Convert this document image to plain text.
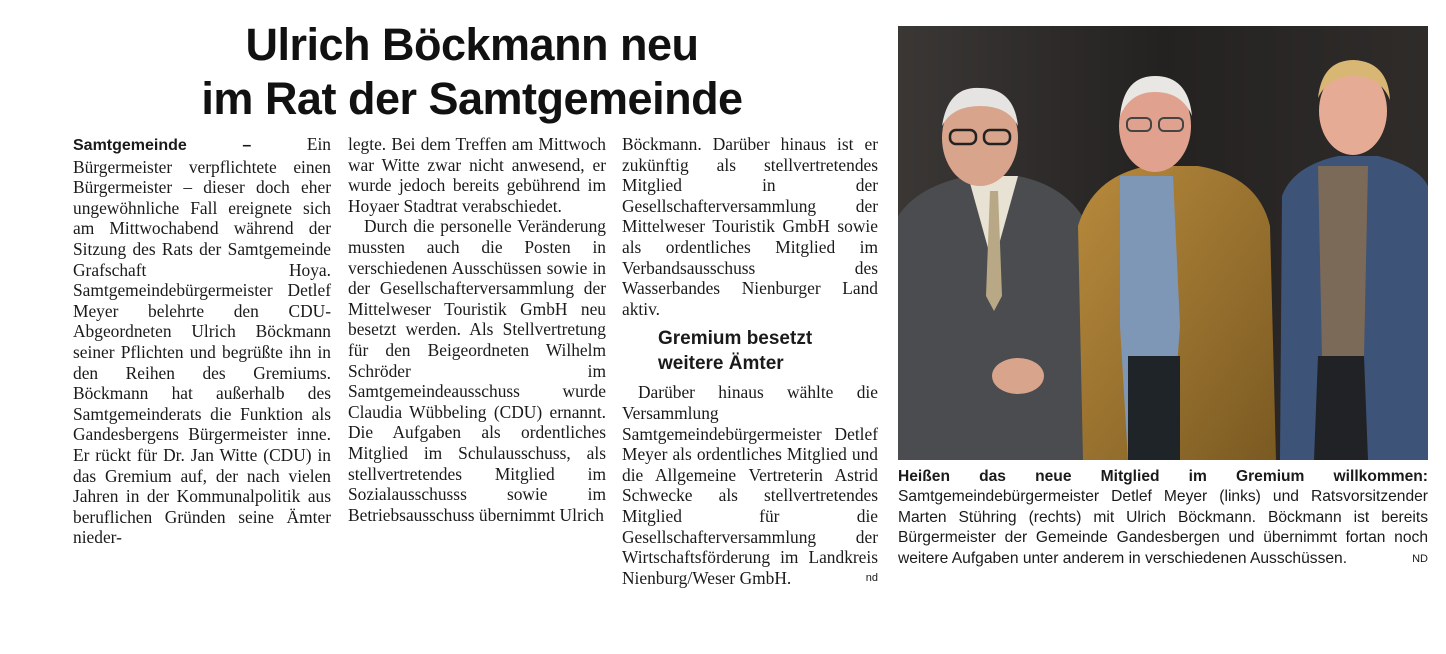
Ulrich Böckmann neu
im Rat der Samtgemeinde

Samtgemeinde – Ein Bürgermeister verpflichtete einen Bürgermeister – dieser doch eher ungewöhnliche Fall ereignete sich am Mittwochabend während der Sitzung des Rats der Samtgemeinde Grafschaft Hoya. Samtgemeindebürgermeister Detlef Meyer belehrte den CDU-Abgeordneten Ulrich Böckmann seiner Pflichten und begrüßte ihn in den Reihen des Gremiums. Böckmann hat außerhalb des Samtgemeinderats die Funktion als Gandesbergens Bürgermeister inne. Er rückt für Dr. Jan Witte (CDU) in das Gremium auf, der nach vielen Jahren in der Kommunalpolitik aus beruflichen Gründen seine Ämter nieder-

legte. Bei dem Treffen am Mittwoch war Witte zwar nicht anwesend, er wurde jedoch bereits gebührend im Hoyaer Stadtrat verabschiedet.

Durch die personelle Veränderung mussten auch die Posten in verschiedenen Ausschüssen sowie in der Gesellschafterversammlung der Mittelweser Touristik GmbH neu besetzt werden. Als Stellvertretung für den Beigeordneten Wilhelm Schröder im Samtgemeindeausschuss wurde Claudia Wübbeling (CDU) ernannt. Die Aufgaben als ordentliches Mitglied im Schulausschuss, als stellvertretendes Mitglied im Sozialausschusss sowie im Betriebsausschuss übernimmt Ulrich

Böckmann. Darüber hinaus ist er zukünftig als stellvertretendes Mitglied in der Gesellschafterversammlung der Mittelweser Touristik GmbH sowie als ordentliches Mitglied im Verbandsausschuss des Wasserbandes Nienburger Land aktiv.

Gremium besetzt
weitere Ämter

Darüber hinaus wählte die Versammlung Samtgemeindebürgermeister Detlef Meyer als ordentliches Mitglied und die Allgemeine Vertreterin Astrid Schwecke als stellvertretendes Mitglied für die Gesellschafterversammlung der Wirtschaftsförderung im Landkreis Nienburg/Weser GmbH.	nd

Heißen das neue Mitglied im Gremium willkommen: Samtgemeindebürgermeister Detlef Meyer (links) und Ratsvorsitzender Marten Stühring (rechts) mit Ulrich Böckmann. Böckmann ist bereits Bürgermeister der Gemeinde Gandesbergen und übernimmt fortan noch weitere Aufgaben unter anderem in verschiedenen Ausschüssen.	ND
